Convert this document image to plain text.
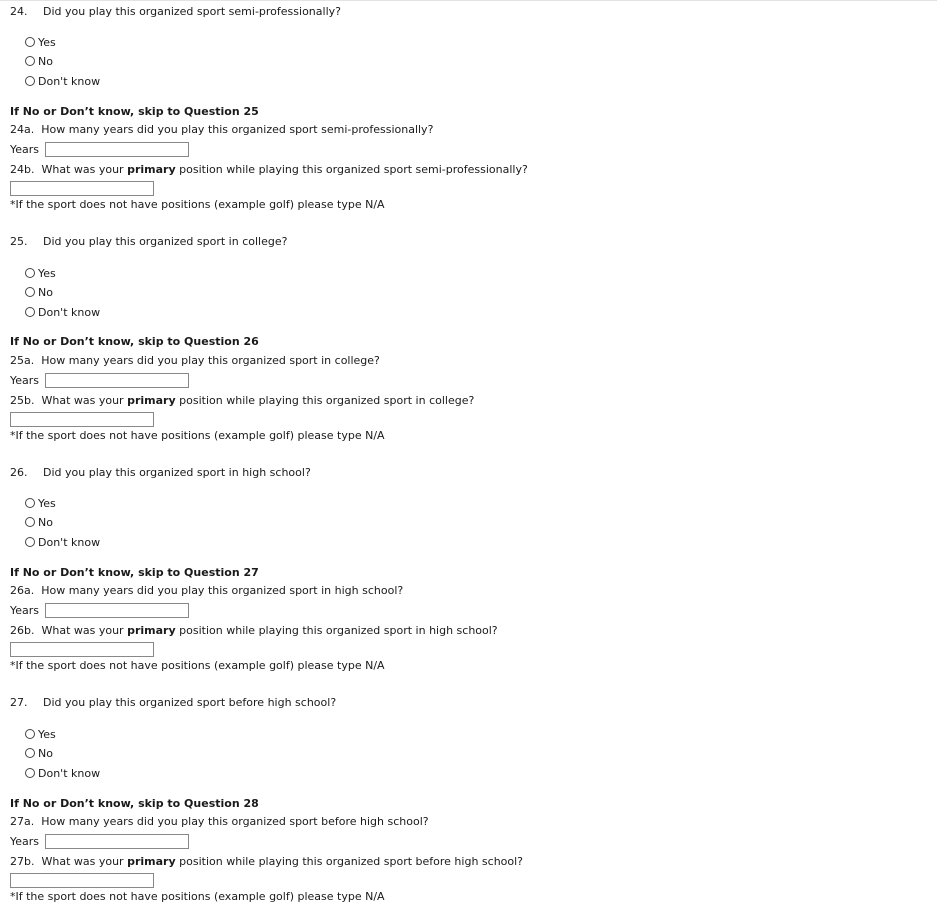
24. Did you play this organized sport semi-professionally?
Yes
No
Don't know
If No or Don’t know, skip to Question 25
24a. How many years did you play this organized sport semi-professionally?
Years
24b. What was your primary position while playing this organized sport semi-professionally?
*If the sport does not have positions (example golf) please type N/A
25. Did you play this organized sport in college?
Yes
No
Don't know
If No or Don’t know, skip to Question 26
25a. How many years did you play this organized sport in college?
Years
25b. What was your primary position while playing this organized sport in college?
*If the sport does not have positions (example golf) please type N/A
26. Did you play this organized sport in high school?
Yes
No
Don't know
If No or Don’t know, skip to Question 27
26a. How many years did you play this organized sport in high school?
Years
26b. What was your primary position while playing this organized sport in high school?
*If the sport does not have positions (example golf) please type N/A
27. Did you play this organized sport before high school?
Yes
No
Don't know
If No or Don’t know, skip to Question 28
27a. How many years did you play this organized sport before high school?
Years
27b. What was your primary position while playing this organized sport before high school?
*If the sport does not have positions (example golf) please type N/A
